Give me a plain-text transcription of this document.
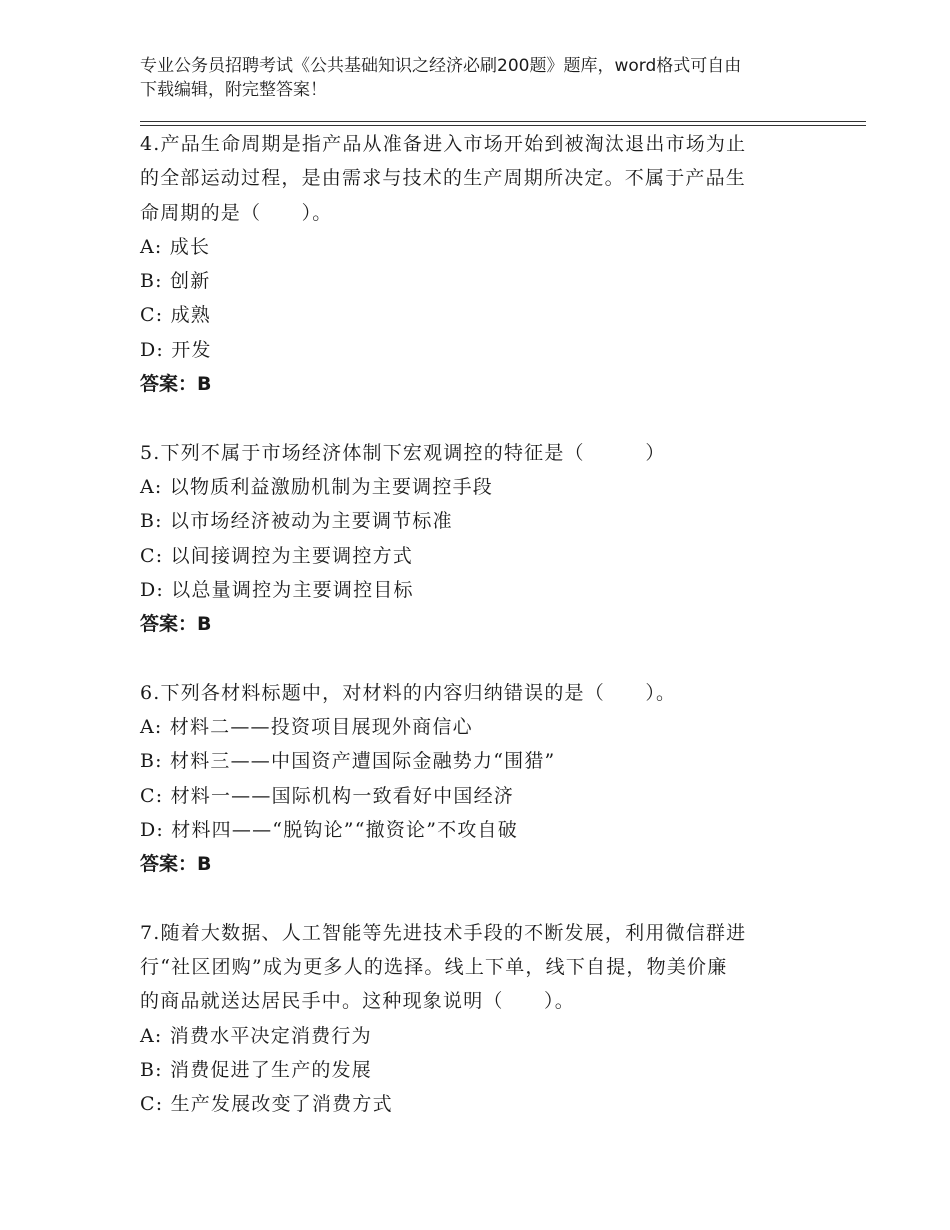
专业公务员招聘考试《公共基础知识之经济必刷200题》题库，word格式可自由
下载编辑，附完整答案！
4.产品生命周期是指产品从准备进入市场开始到被淘汰退出市场为止
的全部运动过程，是由需求与技术的生产周期所决定。不属于产品生
命周期的是（　　）。
A: 成长
B: 创新
C: 成熟
D: 开发
答案：B
5.下列不属于市场经济体制下宏观调控的特征是（　　　）
A: 以物质利益激励机制为主要调控手段
B: 以市场经济被动为主要调节标准
C: 以间接调控为主要调控方式
D: 以总量调控为主要调控目标
答案：B
6.下列各材料标题中，对材料的内容归纳错误的是（　　）。
A: 材料二——投资项目展现外商信心
B: 材料三——中国资产遭国际金融势力“围猎”
C: 材料一——国际机构一致看好中国经济
D: 材料四——“脱钩论”“撤资论”不攻自破
答案：B
7.随着大数据、人工智能等先进技术手段的不断发展，利用微信群进
行“社区团购”成为更多人的选择。线上下单，线下自提，物美价廉
的商品就送达居民手中。这种现象说明（　　）。
A: 消费水平决定消费行为
B: 消费促进了生产的发展
C: 生产发展改变了消费方式
